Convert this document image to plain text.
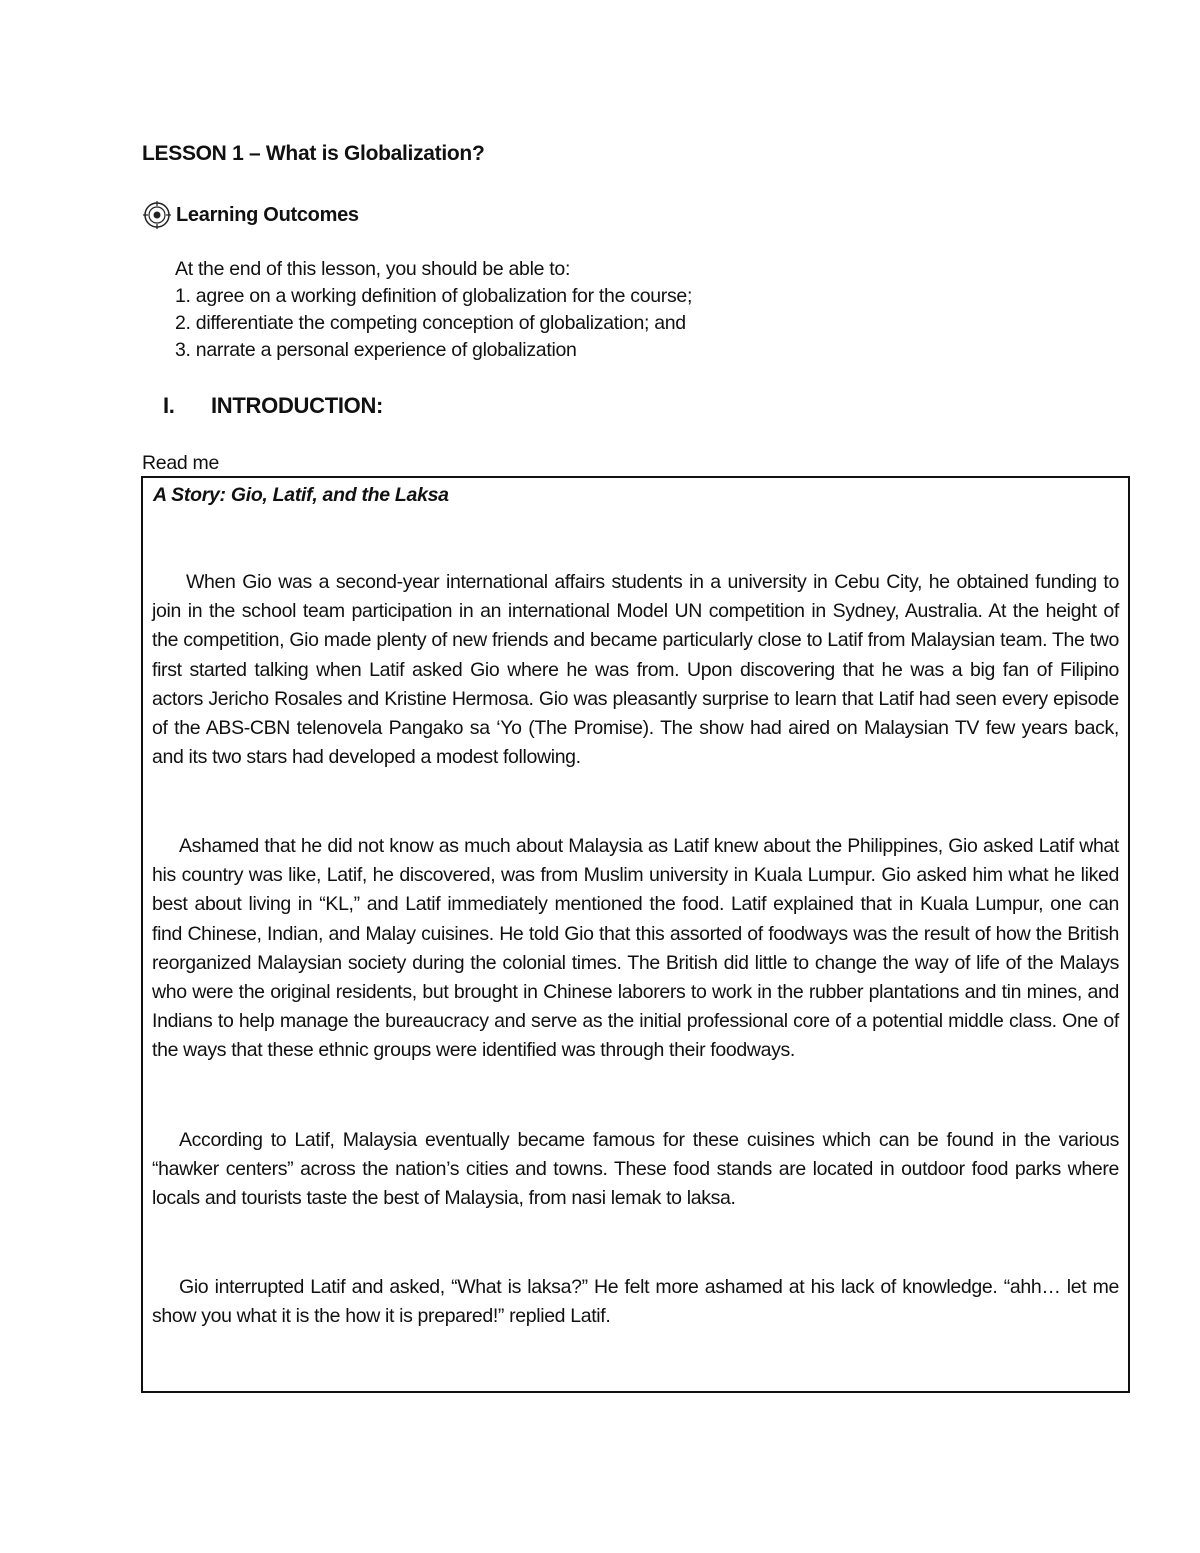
LESSON 1 – What is Globalization?
Learning Outcomes
At the end of this lesson, you should be able to:
1. agree on a working definition of globalization for the course;
2. differentiate the competing conception of globalization; and
3. narrate a personal experience of globalization
I.	INTRODUCTION:
Read me
A Story: Gio, Latif, and the Laksa

When Gio was a second-year international affairs students in a university in Cebu City, he obtained funding to join in the school team participation in an international Model UN competition in Sydney, Australia. At the height of the competition, Gio made plenty of new friends and became particularly close to Latif from Malaysian team. The two first started talking when Latif asked Gio where he was from. Upon discovering that he was a big fan of Filipino actors Jericho Rosales and Kristine Hermosa. Gio was pleasantly surprise to learn that Latif had seen every episode of the ABS-CBN telenovela Pangako sa ‘Yo (The Promise). The show had aired on Malaysian TV few years back, and its two stars had developed a modest following.

Ashamed that he did not know as much about Malaysia as Latif knew about the Philippines, Gio asked Latif what his country was like, Latif, he discovered, was from Muslim university in Kuala Lumpur. Gio asked him what he liked best about living in “KL,” and Latif immediately mentioned the food. Latif explained that in Kuala Lumpur, one can find Chinese, Indian, and Malay cuisines. He told Gio that this assorted of foodways was the result of how the British reorganized Malaysian society during the colonial times. The British did little to change the way of life of the Malays who were the original residents, but brought in Chinese laborers to work in the rubber plantations and tin mines, and Indians to help manage the bureaucracy and serve as the initial professional core of a potential middle class. One of the ways that these ethnic groups were identified was through their foodways.

According to Latif, Malaysia eventually became famous for these cuisines which can be found in the various “hawker centers” across the nation’s cities and towns. These food stands are located in outdoor food parks where locals and tourists taste the best of Malaysia, from nasi lemak to laksa.

Gio interrupted Latif and asked, “What is laksa?” He felt more ashamed at his lack of knowledge. “ahh… let me show you what it is the how it is prepared!” replied Latif.
